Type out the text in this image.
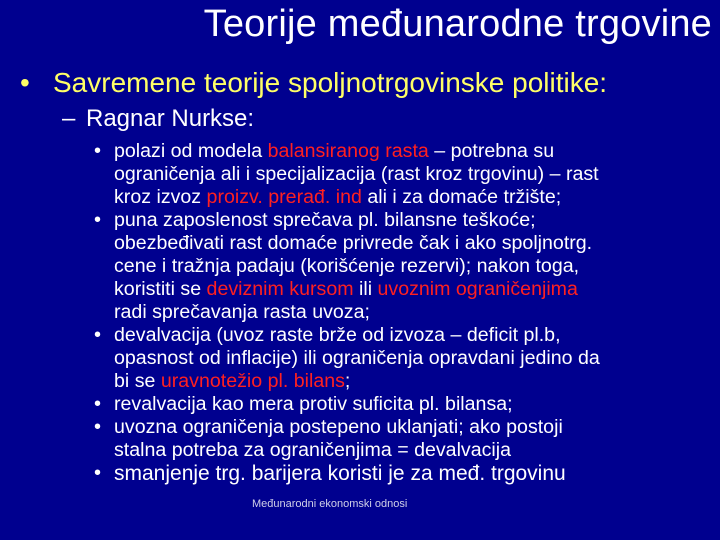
Teorije međunarodne trgovine
• Savremene teorije spoljnotrgovinske politike:
– Ragnar Nurkse:
• polazi od modela balansiranog rasta – potrebna su
ograničenja ali i specijalizacija (rast kroz trgovinu) – rast
kroz izvoz proizv. prerađ. ind ali i za domaće tržište;
• puna zaposlenost sprečava pl. bilansne teškoće;
obezbeđivati rast domaće privrede čak i ako spoljnotrg.
cene i tražnja padaju (korišćenje rezervi); nakon toga,
koristiti se deviznim kursom ili uvoznim ograničenjima
radi sprečavanja rasta uvoza;
• devalvacija (uvoz raste brže od izvoza – deficit pl.b,
opasnost od inflacije) ili ograničenja opravdani jedino da
bi se uravnotežio pl. bilans;
• revalvacija kao mera protiv suficita pl. bilansa;
• uvozna ograničenja postepeno uklanjati; ako postoji
stalna potreba za ograničenjima = devalvacija
• smanjenje trg. barijera koristi je za međ. trgovinu
Međunarodni ekonomski odnosi
